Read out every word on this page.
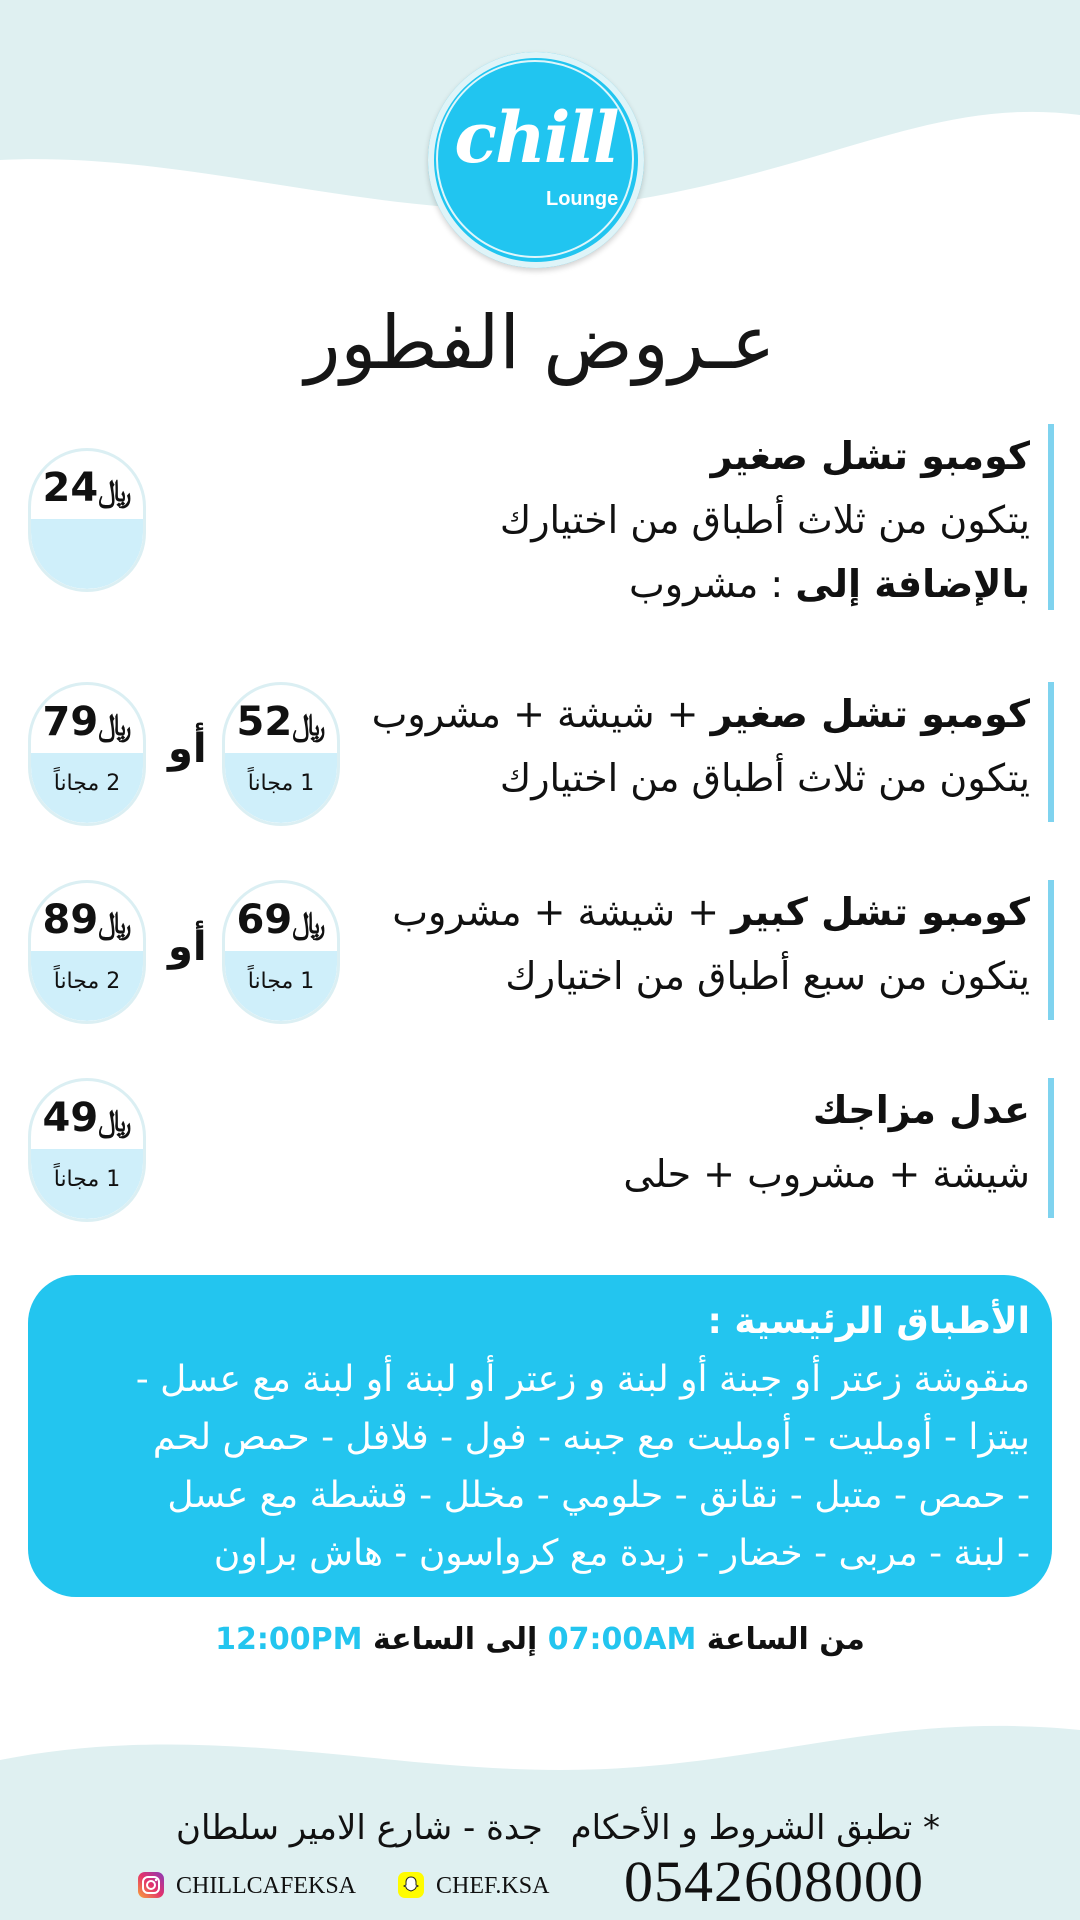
chill
Lounge
عـروض الفطور
كومبو تشل صغير
يتكون من ثلاث أطباق من اختيارك
بالإضافة إلى : مشروب
24﷼
كومبو تشل صغير + شيشة + مشروب
يتكون من ثلاث أطباق من اختيارك
52﷼
1 مجاناً
أو
79﷼
2 مجاناً
كومبو تشل كبير + شيشة + مشروب
يتكون من سبع أطباق من اختيارك
69﷼
1 مجاناً
أو
89﷼
2 مجاناً
عدل مزاجك
شيشة + مشروب + حلى
49﷼
1 مجاناً
الأطباق الرئيسية :
منقوشة زعتر أو جبنة أو لبنة و زعتر أو لبنة أو لبنة مع عسل -
بيتزا - أومليت - أومليت مع جبنه - فول - فلافل - حمص لحم
- حمص - متبل - نقانق - حلومي - مخلل - قشطة مع عسل
- لبنة - مربى - خضار - زبدة مع كرواسون - هاش براون
من الساعة 07:00AM إلى الساعة 12:00PM
* تطبق الشروط و الأحكام
0542608000
جدة - شارع الامير سلطان
CHEF.KSA
CHILLCAFEKSA
